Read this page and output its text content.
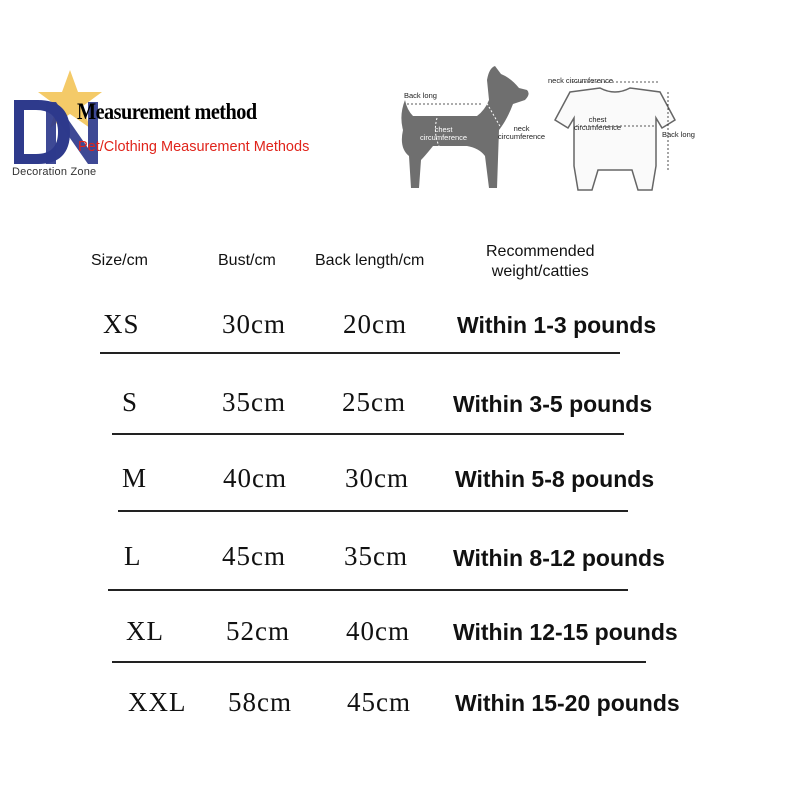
Decoration Zone
Measurement method
Pet/Clothing Measurement Methods
Back long
chest
circumference
neck
circumference
neck circumference
chest
circumference
Back long
Size/cm	Bust/cm Back length/cm
Recommended
weight/catties
XS	30cm 20cm Within 1-3 pounds
S	35cm 25cm Within 3-5 pounds
M	40cm 30cm Within 5-8 pounds
L	45cm 35cm Within 8-12 pounds
XL 52cm 40cm Within 12-15 pounds
XXL 58cm 45cm Within 15-20 pounds
